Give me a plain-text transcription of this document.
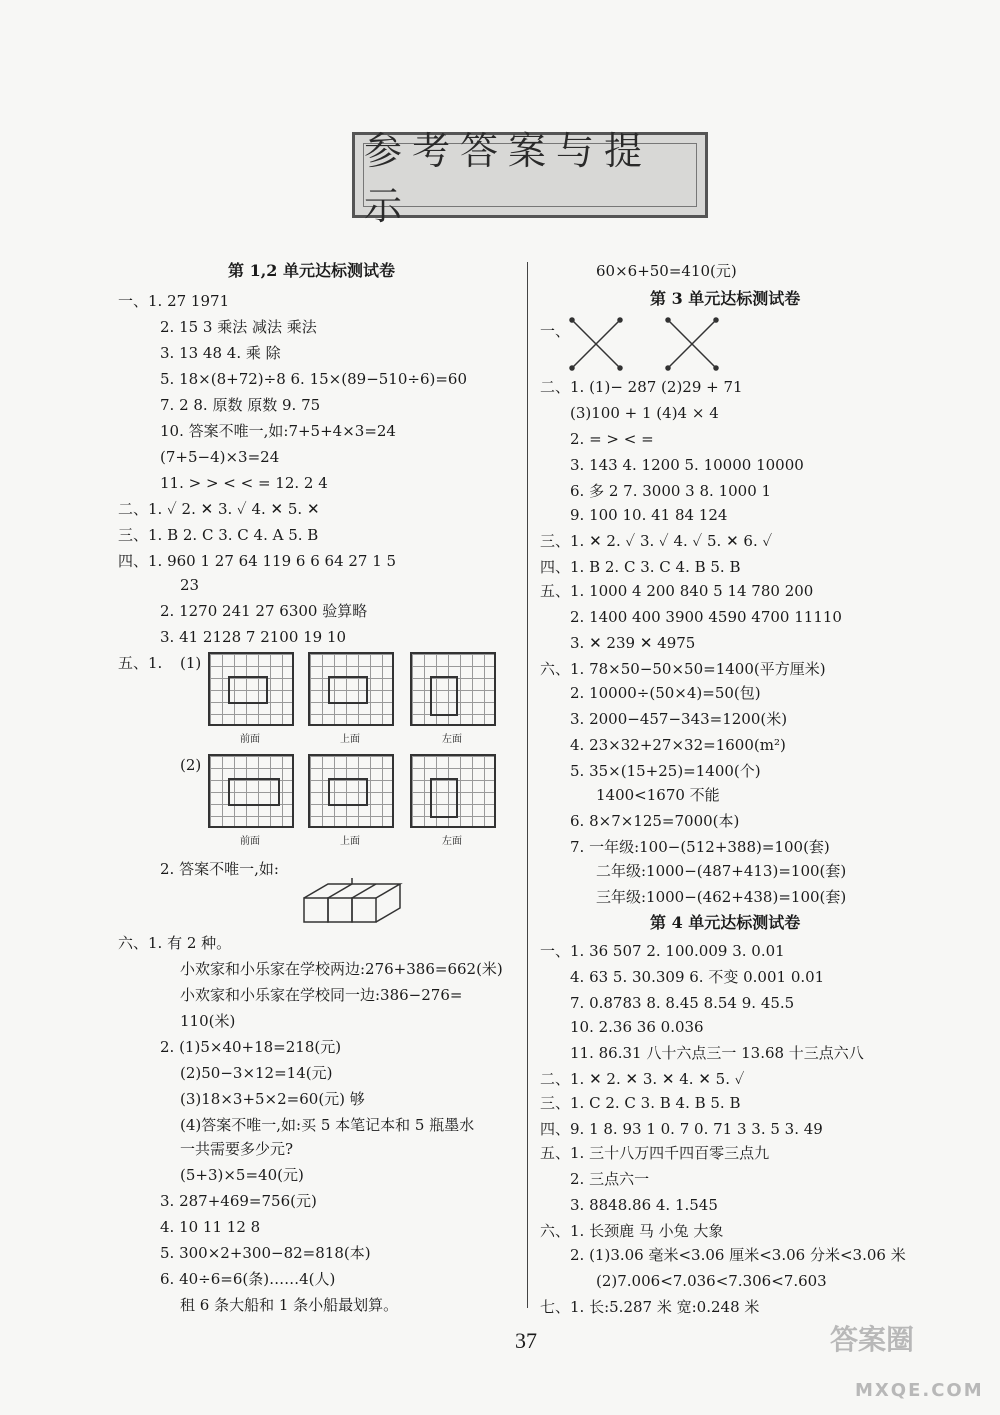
参考答案与提示
37	答案圈
MXQE.COM
第 1,2 单元达标测试卷
一、1. 27 1971
2. 15 3 乘法 减法 乘法
3. 13 48 4. 乘 除
5. 18×(8+72)÷8 6. 15×(89−510÷6)=60
7. 2 8. 原数 原数 9. 75
10. 答案不唯一,如:7+5+4×3=24
(7+5−4)×3=24
11. > > < < = 12. 2 4
二、1. ✓ 2. ✕ 3. ✓ 4. ✕ 5. ✕
三、1. B 2. C 3. C 4. A 5. B
四、1. 960 1 27 64 119 6 6 64 27 1 5
23
2. 1270 241 27 6300 验算略
3. 41 2128 7 2100 19 10
五、1.
2. 答案不唯一,如:
六、1. 有 2 种。
小欢家和小乐家在学校两边:276+386=662(米)
小欢家和小乐家在学校同一边:386−276=
110(米)
2. (1)5×40+18=218(元)
(2)50−3×12=14(元)
(3)18×3+5×2=60(元) 够
(4)答案不唯一,如:买 5 本笔记本和 5 瓶墨水
一共需要多少元?
(5+3)×5=40(元)
3. 287+469=756(元)
4. 10 11 12 8
5. 300×2+300−82=818(本)
6. 40÷6=6(条)……4(人)
租 6 条大船和 1 条小船最划算。
(1)
前面	上面	左面
(2)
前面	上面	左面
60×6+50=410(元)
第 3 单元达标测试卷
一、
二、1. (1)− 287 (2)29 + 71
(3)100 + 1 (4)4 × 4
2. = > < =
3. 143 4. 1200 5. 10000 10000
6. 多 2 7. 3000 3 8. 1000 1
9. 100 10. 41 84 124
三、1. ✕ 2. ✓ 3. ✓ 4. ✓ 5. ✕ 6. ✓
四、1. B 2. C 3. C 4. B 5. B
五、1. 1000 4 200 840 5 14 780 200
2. 1400 400 3900 4590 4700 11110
3. ✕ 239 ✕ 4975
六、1. 78×50−50×50=1400(平方厘米)
2. 10000÷(50×4)=50(包)
3. 2000−457−343=1200(米)
4. 23×32+27×32=1600(m²)
5. 35×(15+25)=1400(个)
1400<1670 不能
6. 8×7×125=7000(本)
7. 一年级:100−(512+388)=100(套)
二年级:1000−(487+413)=100(套)
三年级:1000−(462+438)=100(套)
第 4 单元达标测试卷
一、1. 36 507 2. 100.009 3. 0.01
4. 63 5. 30.309 6. 不变 0.001 0.01
7. 0.8783 8. 8.45 8.54 9. 45.5
10. 2.36 36 0.036
11. 86.31 八十六点三一 13.68 十三点六八
二、1. ✕ 2. ✕ 3. ✕ 4. ✕ 5. ✓
三、1. C 2. C 3. B 4. B 5. B
四、9. 1 8. 93 1 0. 7 0. 71 3 3. 5 3. 49
五、1. 三十八万四千四百零三点九
2. 三点六一
3. 8848.86 4. 1.545
六、1. 长颈鹿 马 小兔 大象
2. (1)3.06 毫米<3.06 厘米<3.06 分米<3.06 米
(2)7.006<7.036<7.306<7.603
七、1. 长:5.287 米 宽:0.248 米
